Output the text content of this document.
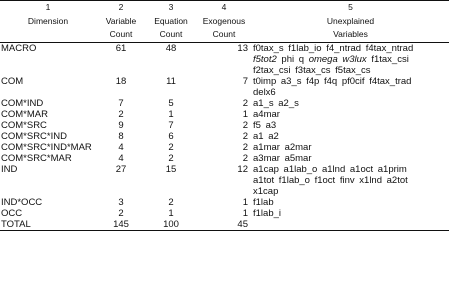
1	2	3	4	5
Dimension	Variable	Equation	Exogenous	Unexplained
	Count	Count	Count	Variables
MACRO	61	48	13	f0tax_s f1lab_io f4_ntrad f4tax_ntrad
f5tot2 phi q omega w3lux f1tax_csi
f2tax_csi f3tax_cs f5tax_cs

COM	18	11	7	t0imp a3_s f4p f4q pf0cif f4tax_trad
delx6

COM*IND	7	5	2	a1_s a2_s

COM*MAR	2	1	1	a4mar

COM*SRC	9	7	2	f5 a3

COM*SRC*IND	8	6	2	a1 a2

COM*SRC*IND*MAR	4	2	2	a1mar a2mar

COM*SRC*MAR	4	2	2	a3mar a5mar

IND	27	15	12	a1cap a1lab_o a1lnd a1oct a1prim
a1tot f1lab_o f1oct finv x1lnd a2tot
x1cap

IND*OCC	3	2	1	f1lab

OCC	2	1	1	f1lab_i

TOTAL	145	100	45	
